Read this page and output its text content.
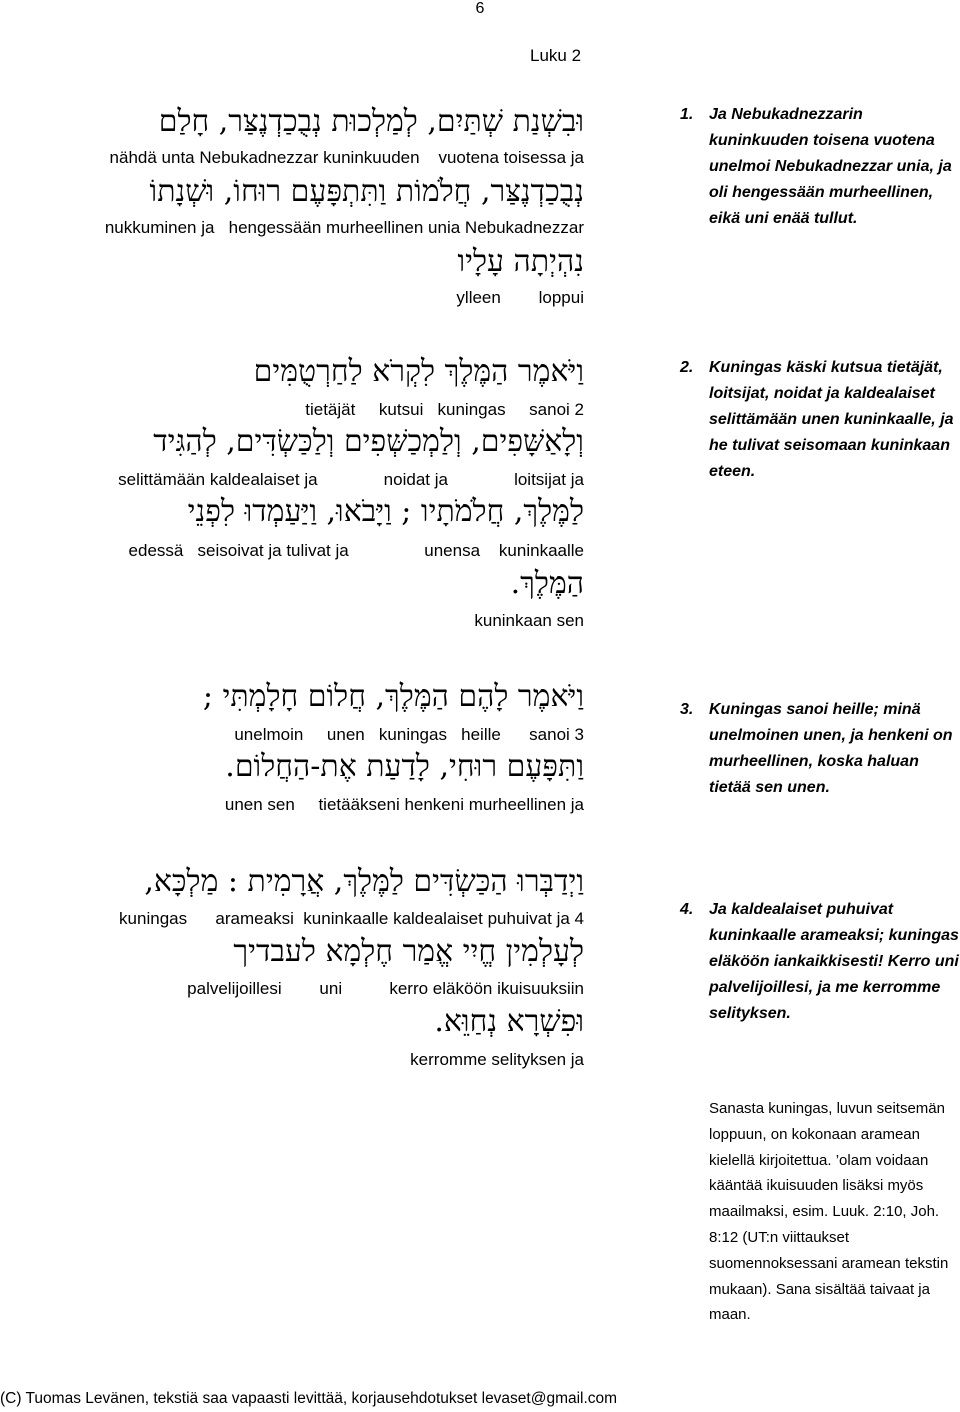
6
Luku 2
וּבִשְׁנַת שְׁתַּיִם, לְמַלְכוּת נְבֻכַדְנֶצַּר, חָלַם
nähdä unta Nebukadnezzar kuninkuuden    vuotena toisessa ja
נְבֻכַדְנֶצַּר, חֲלֹמוֹת וַתִּתְפָּעֶם רוּחוֹ, וּשְׁנָתוֹ
nukkuminen ja   hengessään murheellinen unia Nebukadnezzar
נִהְיְתָה עָלָיו
ylleen        loppui
1. Ja Nebukadnezzarin kuninkuuden toisena vuotena unelmoi Nebukadnezzar unia, ja oli hengessään murheellinen, eikä uni enää tullut.
וַיֹּאמֶר הַמֶּלֶךְ לִקְרֹא לַחַרְטֻמִּים
tietäjät     kutsui   kuningas     sanoi 2
וְלָאַשָּׁפִים, וְלַמְכַשְּׁפִים וְלַכַּשְׂדִּים, לְהַגִּיד
selittämään kaldealaiset ja              noidat ja              loitsijat ja
לַמֶּלֶךְ, חֲלֹמֹתָיו ; וַיָּבֹאוּ, וַיַּעַמְדוּ לִפְנֵי
edessä   seisoivat ja tulivat ja                unensa    kuninkaalle
הַמֶּלֶךְ.
kuninkaan sen
2. Kuningas käski kutsua tietäjät, loitsijat, noidat ja kaldealaiset selittämään unen kuninkaalle, ja he tulivat seisomaan kuninkaan eteen.
וַיֹּאמֶר לָהֶם הַמֶּלֶךְ, חֲלוֹם חָלָמְתִּי ;
unelmoin     unen   kuningas   heille      sanoi 3
וַתִּפָּעֶם רוּחִי, לָדַעַת אֶת-הַחֲלוֹם.
unen sen     tietääkseni henkeni murheellinen ja
3. Kuningas sanoi heille; minä unelmoinen unen, ja henkeni on murheellinen, koska haluan tietää sen unen.
וַיְדַבְּרוּ הַכַּשְׂדִּים לַמֶּלֶךְ, אֲרָמִית : מַלְכָּא,
kuningas      arameaksi  kuninkaalle kaldealaiset puhuivat ja 4
לְעָלְמִין חֱיִי אֱמַר חֶלְמָא לעבדיך
palvelijoillesi        uni          kerro eläköön ikuisuuksiin
וּפִשְׁרָא נְחַוֵּא.
kerromme selityksen ja
4. Ja kaldealaiset puhuivat kuninkaalle arameaksi; kuningas eläköön iankaikkisesti! Kerro uni palvelijoillesi, ja me kerromme selityksen.
Sanasta kuningas, luvun seitsemän loppuun, on kokonaan aramean kielellä kirjoitettua. ’olam voidaan kääntää ikuisuuden lisäksi myös maailmaksi, esim. Luuk. 2:10, Joh. 8:12 (UT:n viittaukset suomennoksessani aramean tekstin mukaan). Sana sisältää taivaat ja maan.
(C) Tuomas Levänen, tekstiä saa vapaasti levittää, korjausehdotukset levaset@gmail.com
